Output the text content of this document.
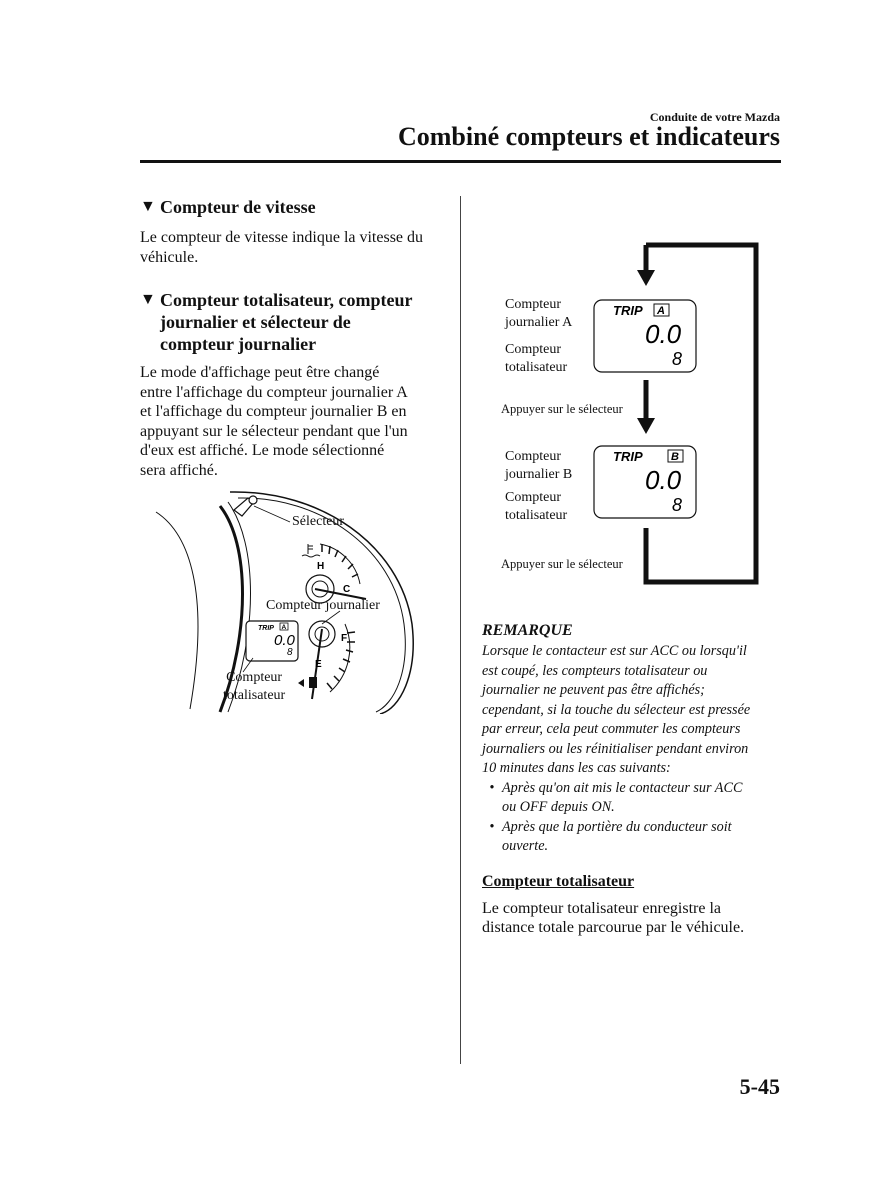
Conduite de votre Mazda
Combiné compteurs et indicateurs
▼ Compteur de vitesse

Le compteur de vitesse indique la vitesse du véhicule.

▼ Compteur totalisateur, compteur
journalier et sélecteur de
compteur journalier

Le mode d'affichage peut être changé
entre l'affichage du compteur journalier A
et l'affichage du compteur journalier B en
appuyant sur le sélecteur pendant que l'un
d'eux est affiché. Le mode sélectionné
sera affiché.

H
C
F
E
TRIP A
0.0
8
Sélecteur
Compteur journalier
Compteur
totalisateur
TRIP A
0.0
8
TRIP	B
0.0
8
Compteur
journalier A
Compteur
totalisateur
Appuyer sur le sélecteur
Compteur
journalier B
Compteur
totalisateur
Appuyer sur le sélecteur
REMARQUE
Lorsque le contacteur est sur ACC ou lorsqu'il
est coupé, les compteurs totalisateur ou
journalier ne peuvent pas être affichés;
cependant, si la touche du sélecteur est pressée
par erreur, cela peut commuter les compteurs
journaliers ou les réinitialiser pendant environ
10 minutes dans les cas suivants:
• Après qu'on ait mis le contacteur sur ACC
ou OFF depuis ON.
• Après que la portière du conducteur soit
ouverte.
Compteur totalisateur

Le compteur totalisateur enregistre la
distance totale parcourue par le véhicule.

5-45
